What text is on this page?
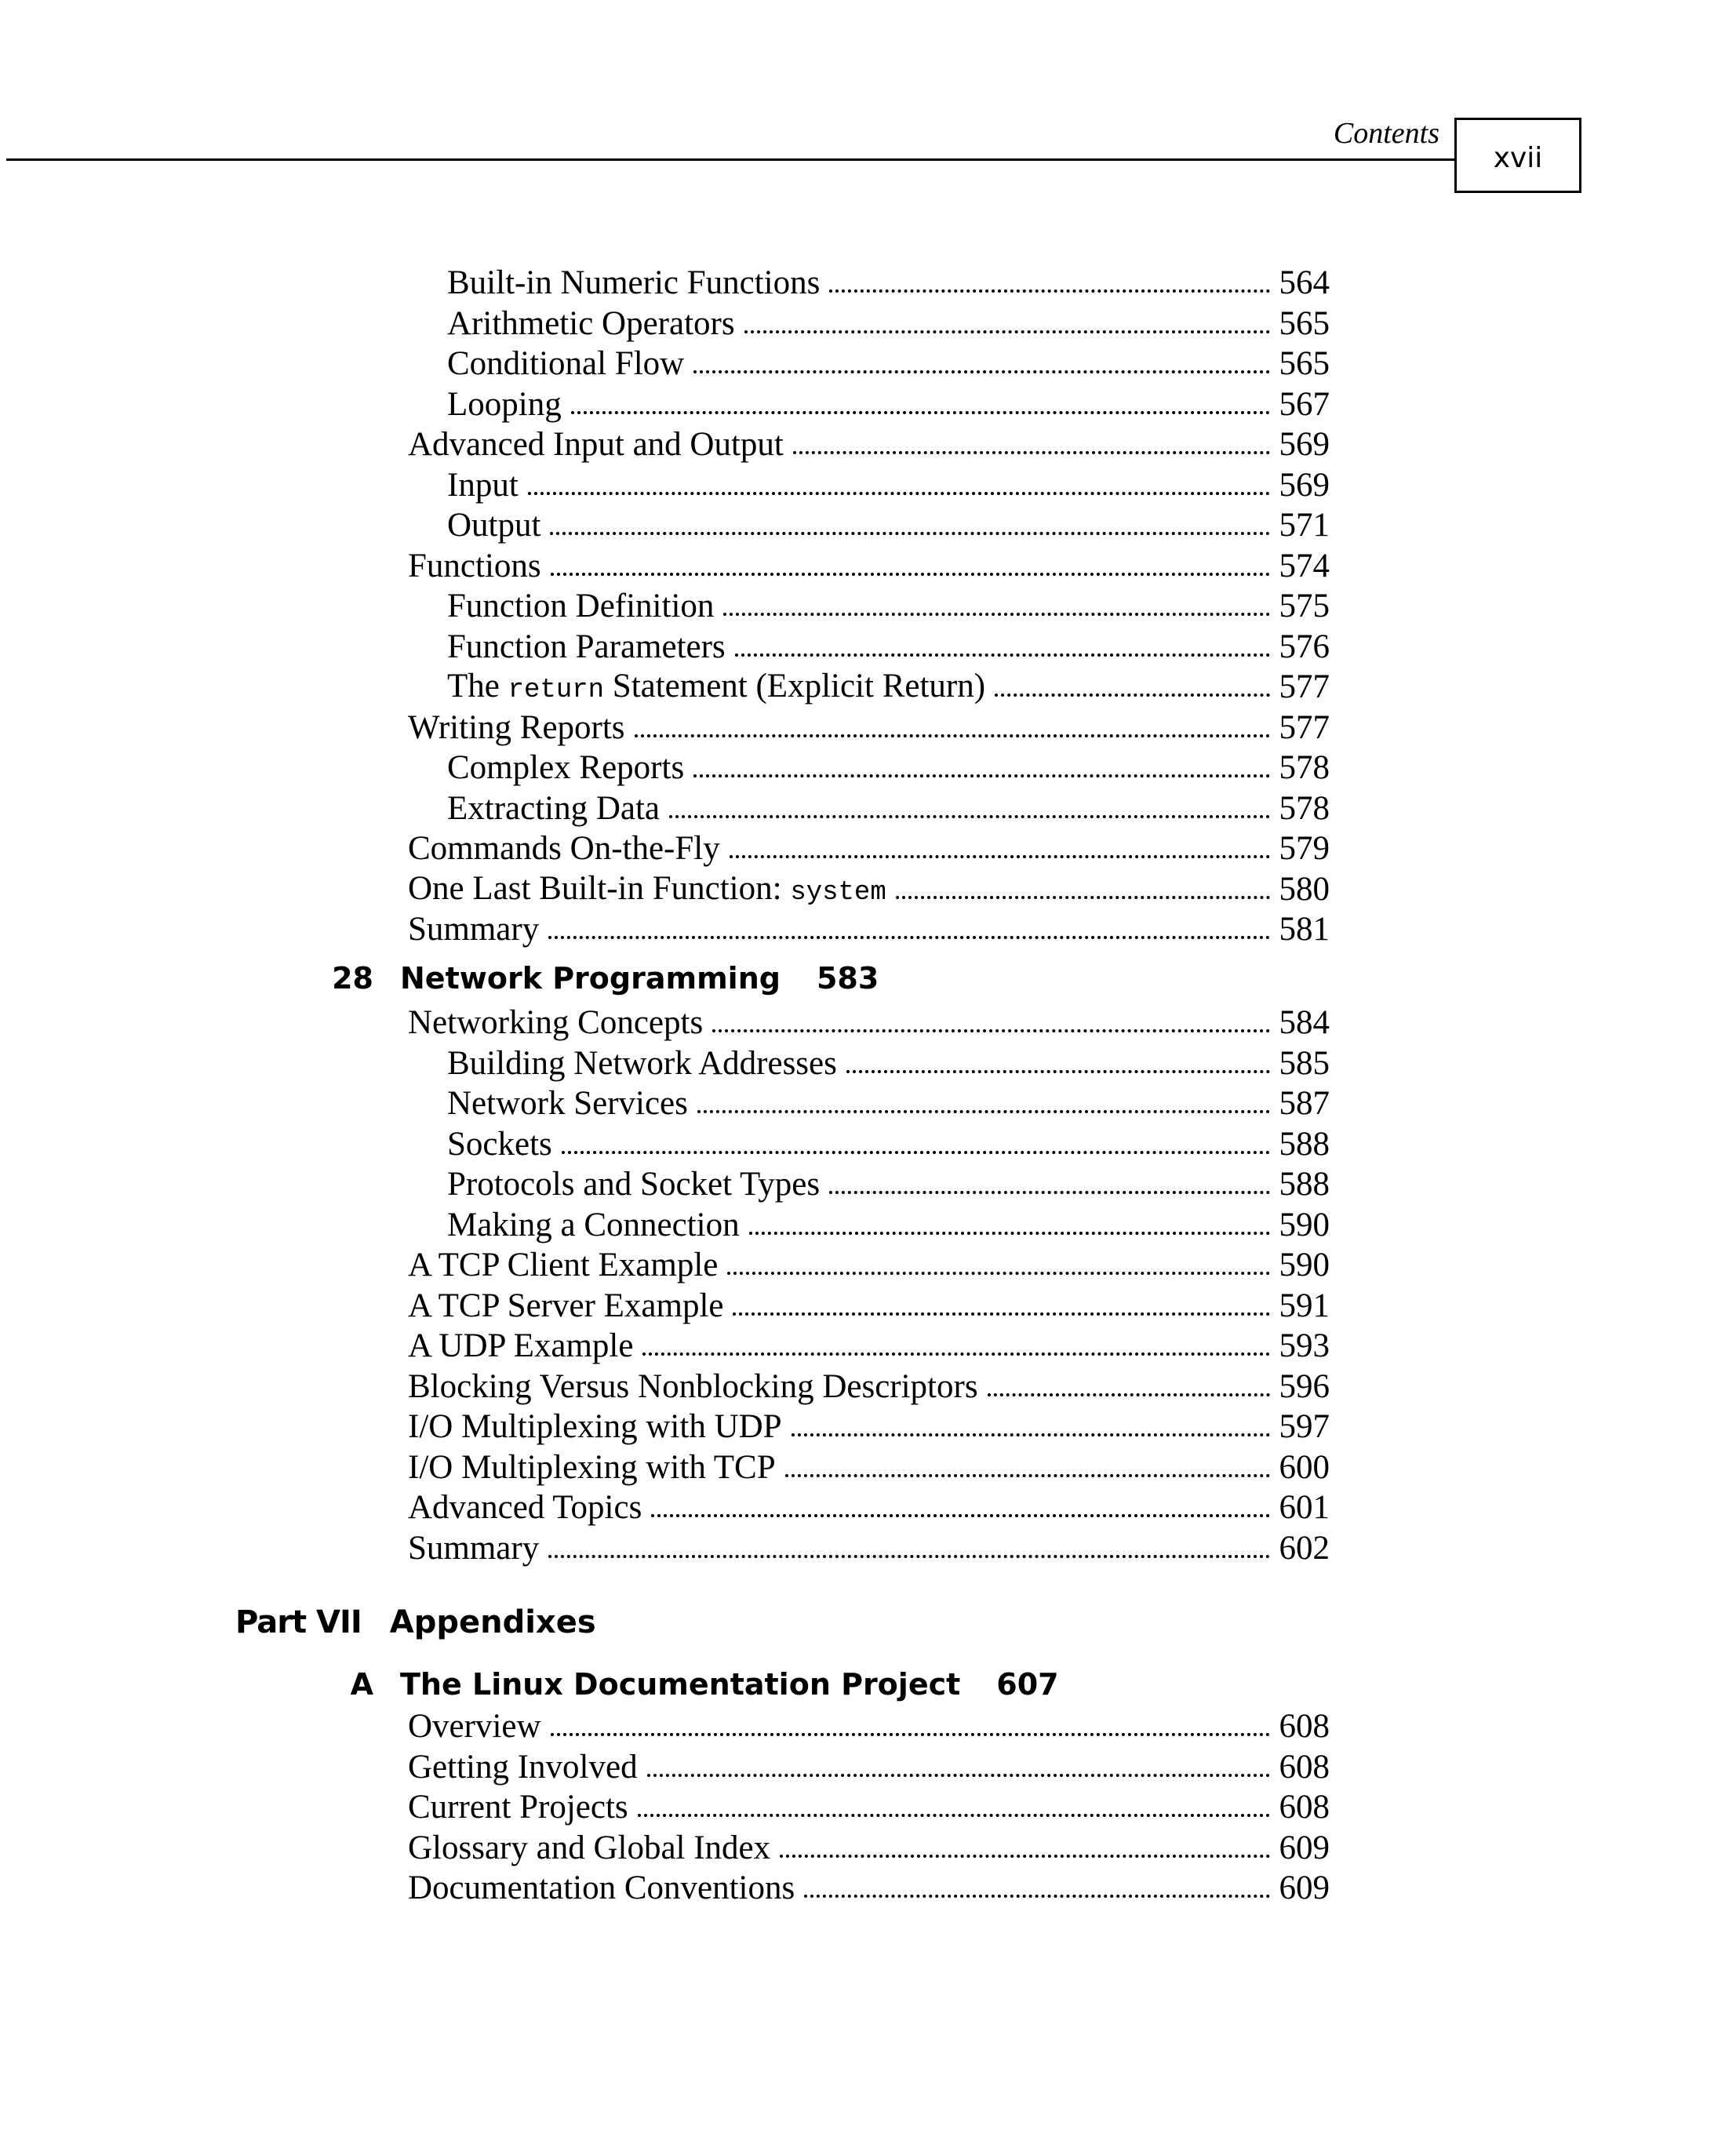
Contents
xvii
28 Network Programming 583
Part VII Appendixes
A The Linux Documentation Project 607
Built-in Numeric Functions	564
Arithmetic Operators	565
Conditional Flow	565
Looping	567
Advanced Input and Output	569
Input	569
Output	571
Functions	574
Function Definition	575
Function Parameters	576
The return Statement (Explicit Return)	577
Writing Reports	577
Complex Reports	578
Extracting Data	578
Commands On-the-Fly	579
One Last Built-in Function: system	580
Summary	581
Networking Concepts	584
Building Network Addresses	585
Network Services	587
Sockets	588
Protocols and Socket Types	588
Making a Connection	590
A TCP Client Example	590
A TCP Server Example	591
A UDP Example	593
Blocking Versus Nonblocking Descriptors	596
I/O Multiplexing with UDP	597
I/O Multiplexing with TCP	600
Advanced Topics	601
Summary	602
Overview	608
Getting Involved	608
Current Projects	608
Glossary and Global Index	609
Documentation Conventions	609
